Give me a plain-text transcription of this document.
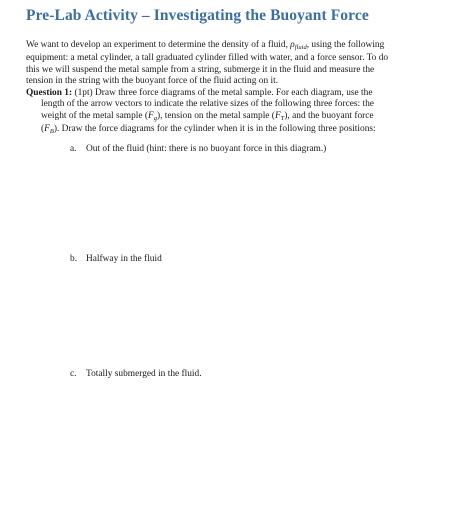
Pre-Lab Activity – Investigating the Buoyant Force

We want to develop an experiment to determine the density of a fluid, $\rho_{fluid}$, using the following
equipment: a metal cylinder, a tall graduated cylinder filled with water, and a force sensor. To do
this we will suspend the metal sample from a string, submerge it in the fluid and measure the
tension in the string with the buoyant force of the fluid acting on it.

Question 1: (1pt) Draw three force diagrams of the metal sample. For each diagram, use the
length of the arrow vectors to indicate the relative sizes of the following three forces: the
weight of the metal sample $(F_g)$, tension on the metal sample $(F_T)$, and the buoyant force
$(F_B)$. Draw the force diagrams for the cylinder when it is in the following three positions:

a. Out of the fluid (hint: there is no buoyant force in this diagram.)
b. Halfway in the fluid
c. Totally submerged in the fluid.
